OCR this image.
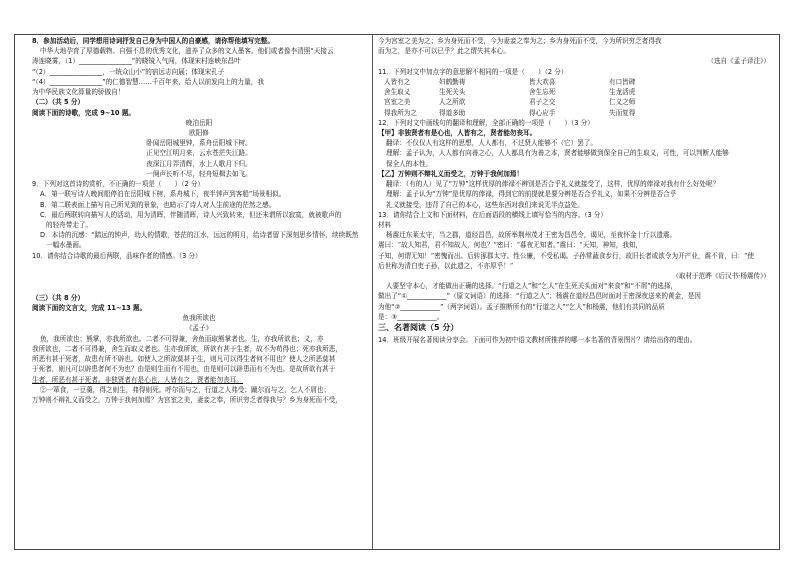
8．参加活动后，同学想用诗词抒发自己身为中国人的自豪感，请你帮他填写完整。

中华大地孕育了厚德载物、自强不息的优秀文化，滋养了众多的文人墨客。他们或者像李清照“天接云

涛连晓雾，（1）________________”的晓镜入气闯，体现宋村连峡东昌叶

“（2）________________，一统众山小”的宿远志向展；体现宋孔子

“（4）________________”的仁德智慧……千百年来，给人以前发向上的力量，我

为中华民族文化算量的骄傲自！

（二）（共 5 分）

阅读下面的诗歌，完成 9~10 题。

晚泊岳阳

欧阳修

卧闻岳阳城里钟，系舟岳阳城下树。

正见空江明月来，云水苍茫失江路。

夜深江月弄清辉，水上人歌月下归。

一阕声长听不尽，轻舟短楫去如飞。

9．下列对这首诗的赏析，不正确的一项是（　　）（2 分）

A．第一联写诗人晚间船停泊在岳阳城下树，系舟城下，夜半钟声到客船”场景相似。

B．第二联表面上描写自己所见到的景象，也暗示了诗人对人生前途的茫然之感。

C．最后两联转向描写人的活动，用为清晖，伴随清晖，诗人兴致转来，但还未谓所以寂寞，就被歌声的

的轻舟带走了。

D．本诗的沉感：“踏远的钟声，幼人的情歌，苍茫的江水，远远的明月，给诗者留下深刻思乡情怀，续续既然

一幅水墨画。

10．请你结合诗歌的最后两联，品味作者的情感。（3 分）

（三）（共 8 分）

阅读下面的文言文，完成 11~13 题。

鱼我所欲也

《孟子》

鱼，我所欲也；熊掌，亦我所欲也。二者不可得兼，舍鱼而取熊掌者也。生，亦我所欲也；义，亦

我所欲也，二者不可得兼，舍生而取义者也。生亦我所欲，所欲有甚于生者，故不为苟得也；死亦我所恶，

所恶有甚于死者，故患有所不辟也。如使人之所欲莫甚于生，则凡可以得生者何不用也？使人之所恶莫甚

于死者，则凡可以辟患者何不为也？由是则生而有不用也，由是则可以辟患而有不为也。是故所欲有甚于

生者，所恶有甚于死者。非独贤者有是心也，人皆有之，贤者能勿丧耳。

②一箪食，一豆羹，得之则生，弗得则死。呼尔而与之，行道之人弗受；蹴尔而与之，乞人不屑也；

万钟则不辩礼义而受之，万钟于我何加焉？为宫室之美，妻妾之奉，所识穷乏者得我与？乡为身死而不受，

今为宫室之美为之；乡为身死而不受，今为妻妾之奉为之；乡为身死而不受，今为所识穷乏者得我

而为之，是亦不可以已乎？此之谓失其本心。

（选自《孟子译注》）

11．下列对文中加点字的意思解不相同的一项是（　　）（2 分）

人皆有之	妇鹤勤祷	皆大欢喜	有口皆碑
舍生取义	生死关头	舍生忘死	生龙活虎
宫室之美	人之所欲	君子之交	仁义之师
得我所为之	得道多助	得心应手	失而复得

12．下列对文中画线句的翻译和理解，全部正确的一项是（　　）（3 分）

【甲】非独贤者有是心也，人皆有之，贤者能勿丧耳。

翻译：不仅仅人有这样的思想，人人都有，不过贤人能够不（它）罢了。

理解：孟子认为，人人都有向善之心，人人都具有为善之本，贤者能够做到保全自己的生取义，可性，可以判断人能够

保全人的本性。

【乙】万钟则不辩礼义而受之，万钟于我何加焉！

翻译：（有的人）见了“万钟”这样优厚的俸禄不辨别是否合乎礼义就接受了，这样，优厚的俸禄对我有什么好处呢？

理解：孟子认为“万钟”是优厚的俸禄，得到它的前提就是要分辨是否合乎礼义，如果不分辨是否合乎

礼义就接受，违背了自己的本心，这些东西对我们来说无半点益处。

13．请你结合上文和下面材料，在后面语段的横线上填写恰当的内容。（3 分）

材料

杨震迁东莱太守，当之郡，道经昌邑，故所举荆州茂才王密为昌邑令，谒见，至夜怀金十斤以遗震。

震曰：“故人知君，君不知故人，何也？”密曰：“暮夜无知者。”震曰：“天知，神知，我知，

子知，何谓无知！”密愧而出。后转涿郡太守。性公廉，不受私谒。子孙常蔬食步行，故旧长者或欲令为开产业，震不肯，曰：“使

后世称为清白吏子孙，以此遗之，不亦厚乎！”

（取材于范晔《后汉书·杨震传》）

人要坚守本心，才能做出正确的选择。“行道之人”和“乞人”在生死关头面对“来食”和“不屑”的选择，

做出了“①____________”（原文词语）的选择：“行道之人”；杨震在道经昌邑时面对王密深夜送来的黄金，是因

为他“②____________”（两字词语）。孟子推断所有的“行道之人”“乞人”和杨震，他们有共同的品质

是：③____________。

三、名著阅读（5 分）

14．班级开展名著阅读分享会。下面可作为初中语文教材所推荐的哪一本名著的背景图片？请给出你的理由。
